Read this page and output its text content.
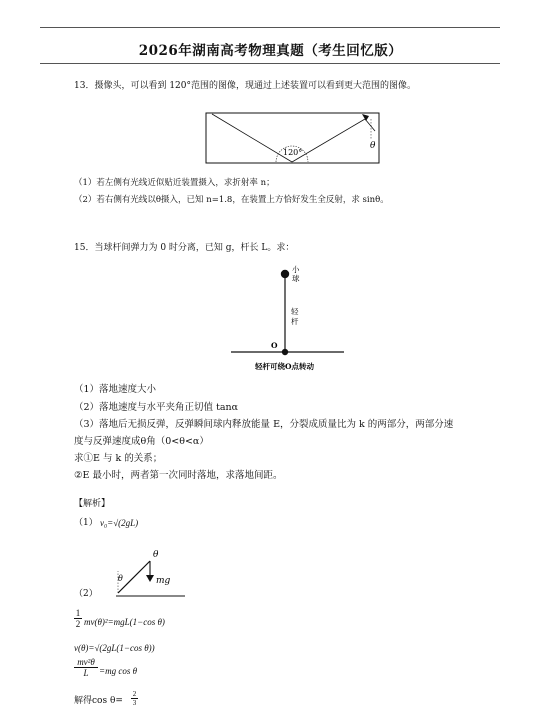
2026年湖南高考物理真题（考生回忆版）
13．摄像头，可以看到 120°范围的图像，现通过上述装置可以看到更大范围的图像。
120°
θ
（1）若左侧有光线近似贴近装置摄入，求折射率 n；
（2）若右侧有光线以θ摄入，已知 n=1.8，在装置上方恰好发生全反射，求 sinθ。
15．当球杆间弹力为 0 时分离，已知 g，杆长 L。求：
小 球
轻 杆
O
轻杆可绕O点转动
（1）落地速度大小
（2）落地速度与水平夹角正切值 tanα
（3）落地后无损反弹，反弹瞬间球内释放能量 E，分裂成质量比为 k 的两部分，两部分速
度与反弹速度成θ角（0<θ<α）
求①E 与 k 的关系；
②E 最小时，两者第一次同时落地，求落地间距。
【解析】
（1） v₀=√(2gL)
θ
θ	mg
（2）
1
2 mv(θ)²=mgL(1−cos θ)
v(θ)=√(2gL(1−cos θ))
mv²θ
L	=mg cos θ
解得cos θ=
2
3
